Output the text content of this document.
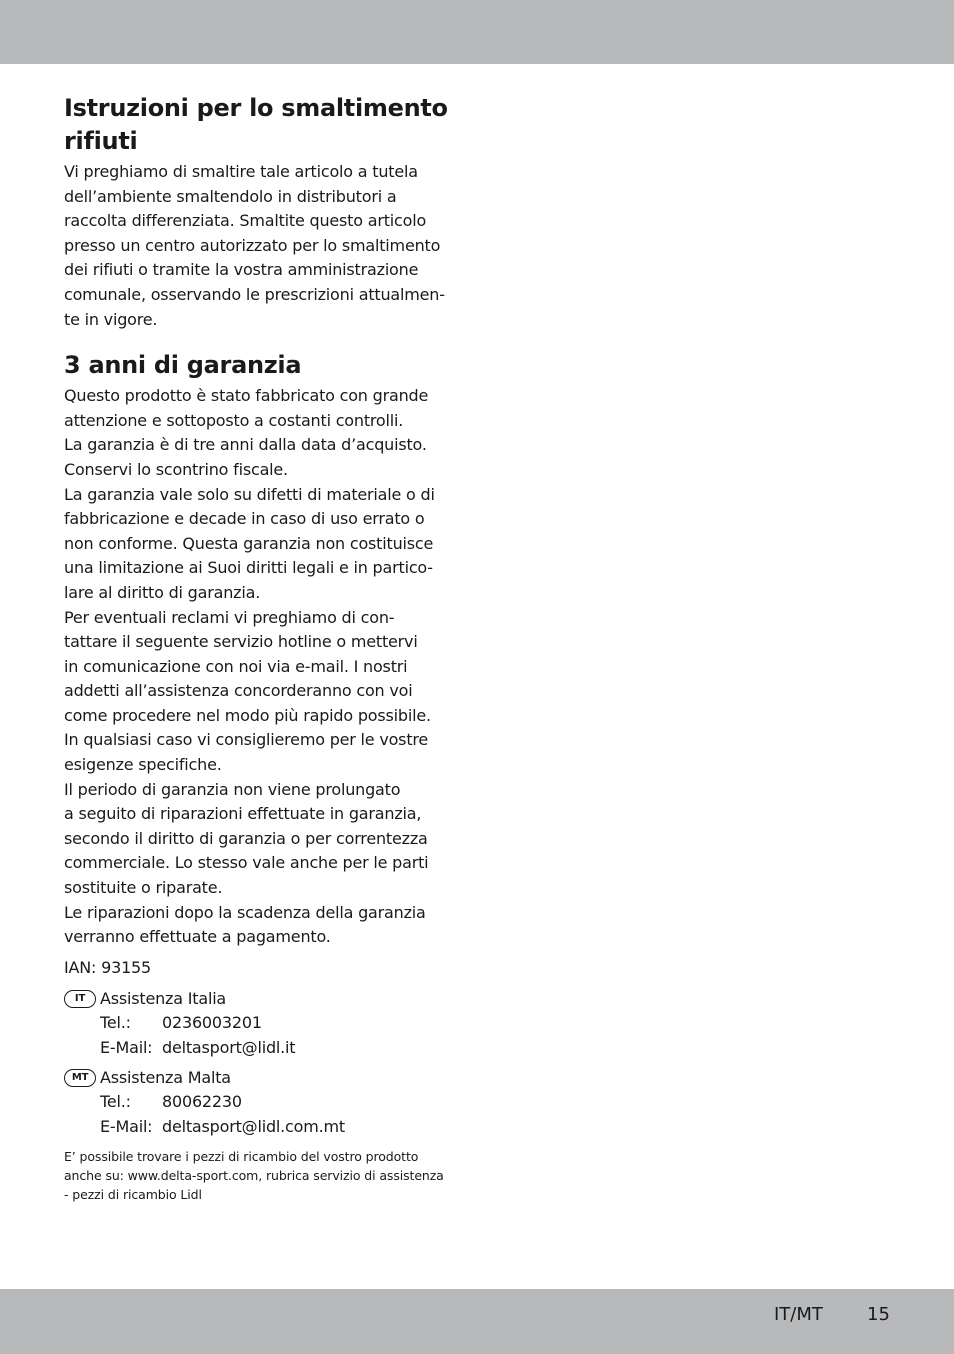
Istruzioni per lo smaltimento rifiuti

Vi preghiamo di smaltire tale articolo a tutela
dell’ambiente smaltendolo in distributori a
raccolta differenziata. Smaltite questo articolo
presso un centro autorizzato per lo smaltimento
dei rifiuti o tramite la vostra amministrazione
comunale, osservando le prescrizioni attualmen-
te in vigore.

3 anni di garanzia

Questo prodotto è stato fabbricato con grande
attenzione e sottoposto a costanti controlli.

La garanzia è di tre anni dalla data d’acquisto.
Conservi lo scontrino fiscale.

La garanzia vale solo su difetti di materiale o di
fabbricazione e decade in caso di uso errato o
non conforme. Questa garanzia non costituisce
una limitazione ai Suoi diritti legali e in partico-
lare al diritto di garanzia.

Per eventuali reclami vi preghiamo di con-
tattare il seguente servizio hotline o mettervi
in comunicazione con noi via e-mail. I nostri
addetti all’assistenza concorderanno con voi
come procedere nel modo più rapido possibile.
In qualsiasi caso vi consiglieremo per le vostre
esigenze specifiche.

Il periodo di garanzia non viene prolungato
a seguito di riparazioni effettuate in garanzia,
secondo il diritto di garanzia o per correntezza
commerciale. Lo stesso vale anche per le parti
sostituite o riparate.

Le riparazioni dopo la scadenza della garanzia
verranno effettuate a pagamento.

IAN: 93155
IT Assistenza Italia
Tel.:	0236003201
E-Mail: deltasport@lidl.it
MT Assistenza Malta
Tel.:	80062230
E-Mail: deltasport@lidl.com.mt
E’ possibile trovare i pezzi di ricambio del vostro prodotto
anche su: www.delta-sport.com, rubrica servizio di assistenza
- pezzi di ricambio Lidl
IT/MT 15
